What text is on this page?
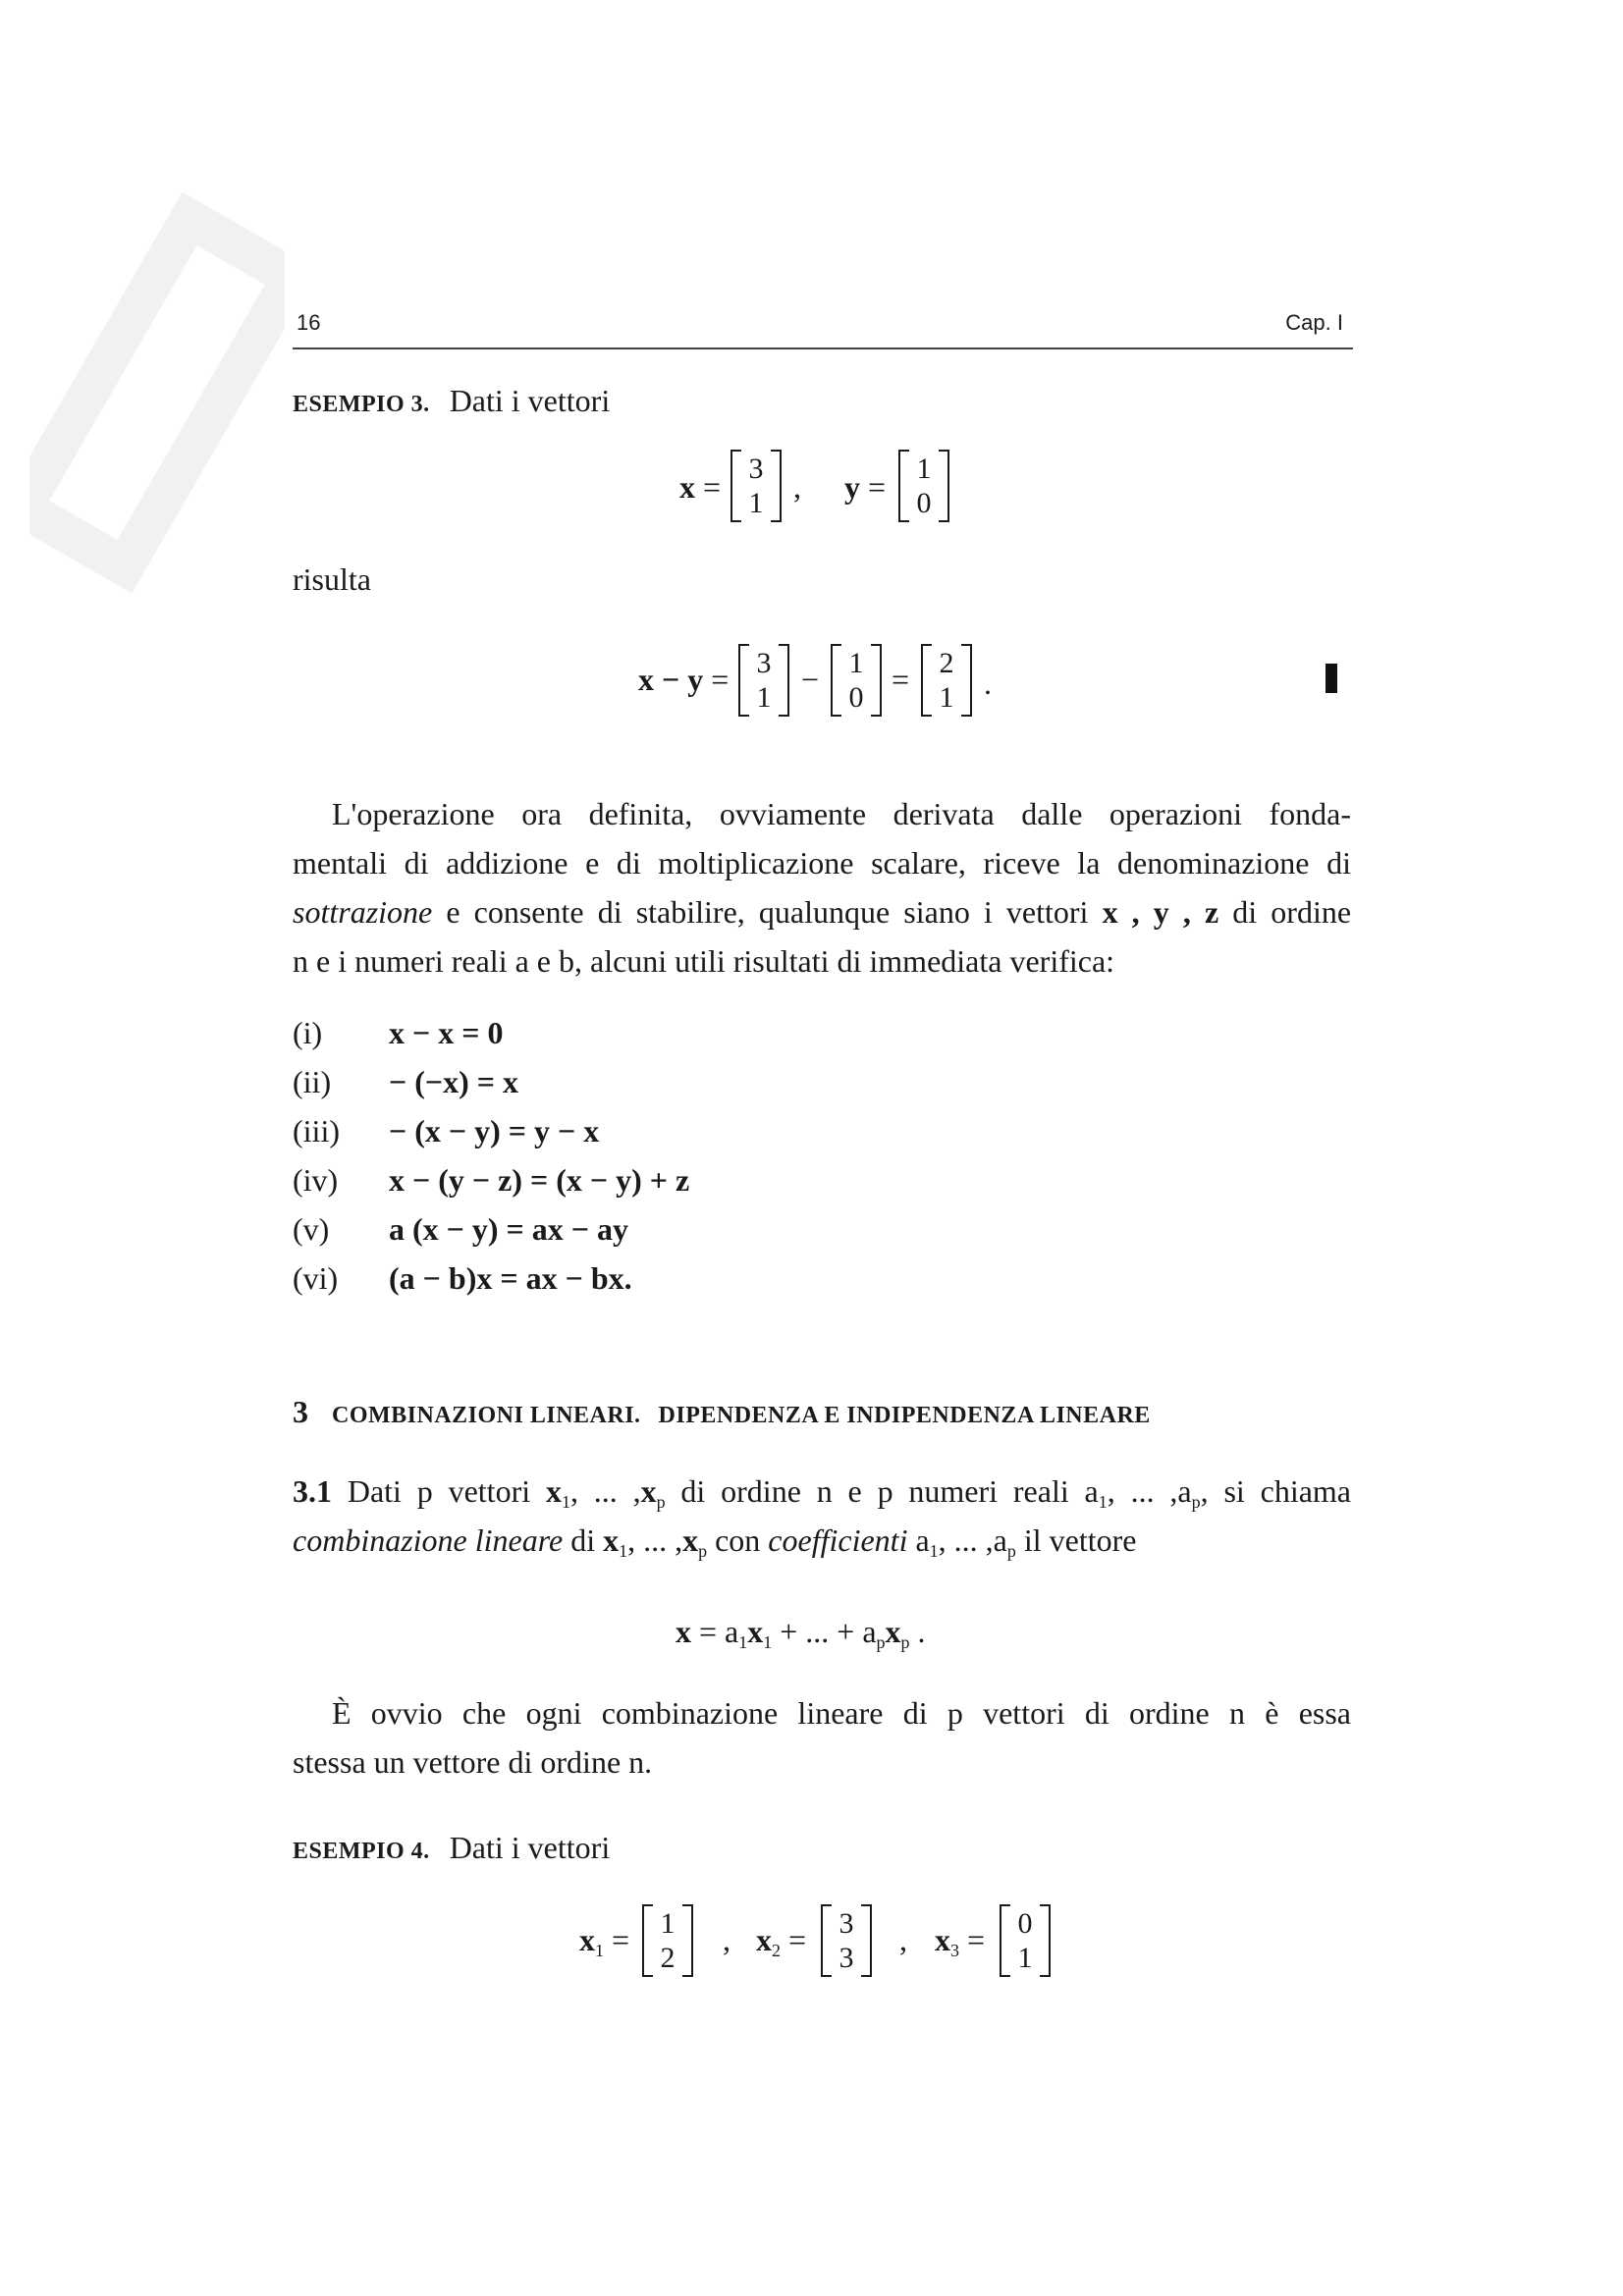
16	Cap. I
ESEMPIO 3. Dati i vettori
x =
3
1 , y =
1
0
risulta
x − y = 3
1
−	1
0
=	2
1 .
L'operazione ora definita, ovviamente derivata dalle operazioni fonda-
mentali di addizione e di moltiplicazione scalare, riceve la denominazione di
sottrazione e consente di stabilire, qualunque siano i vettori x , y , z di ordine
n e i numeri reali a e b, alcuni utili risultati di immediata verifica:
(i) x − x = 0
(ii) − (−x) = x
(iii) − (x − y) = y − x
(iv) x − (y − z) = (x − y) + z
(v) a (x − y) = ax − ay
(vi) (a − b)x = ax − bx.
3 COMBINAZIONI LINEARI. DIPENDENZA E INDIPENDENZA LINEARE
3.1 Dati p vettori $x_1$, ... $,x_p$ di ordine n e p numeri reali $a_1$, ... $,a_p$, si chiama
combinazione lineare di $x_1$, ... $,x_p$ con coefficienti $a_1$, ... $,a_p$ il vettore
$x = a_1x_1$ + ... + $a_px_p$ .
È ovvio che ogni combinazione lineare di p vettori di ordine n è essa
stessa un vettore di ordine n.
ESEMPIO 4. Dati i vettori
$x_1$ =	1
2
, $x_2$ =	3
3
, $x_3$ =	0
1
